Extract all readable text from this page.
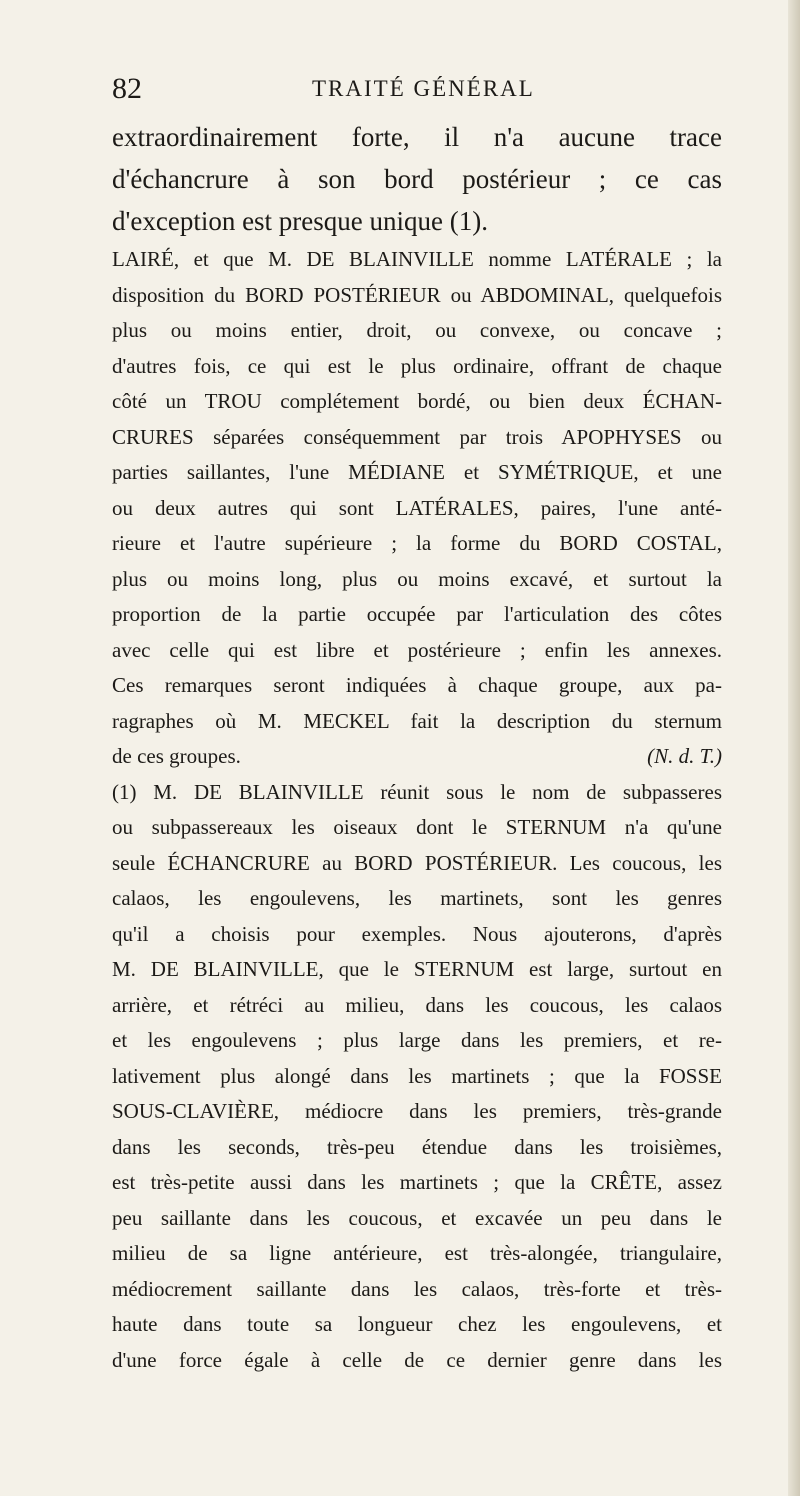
82	TRAITÉ GÉNÉRAL
extraordinairement forte, il n'a aucune trace
d'échancrure à son bord postérieur ; ce cas
d'exception est presque unique (1).
LAIRÉ, et que M. DE BLAINVILLE nomme LATÉRALE ; la
disposition du BORD POSTÉRIEUR ou ABDOMINAL, quelquefois
plus ou moins entier, droit, ou convexe, ou concave ;
d'autres fois, ce qui est le plus ordinaire, offrant de chaque
côté un TROU complétement bordé, ou bien deux ÉCHAN-
CRURES séparées conséquemment par trois APOPHYSES ou
parties saillantes, l'une MÉDIANE et SYMÉTRIQUE, et une
ou deux autres qui sont LATÉRALES, paires, l'une anté-
rieure et l'autre supérieure ; la forme du BORD COSTAL,
plus ou moins long, plus ou moins excavé, et surtout la
proportion de la partie occupée par l'articulation des côtes
avec celle qui est libre et postérieure ; enfin les annexes.
Ces remarques seront indiquées à chaque groupe, aux pa-
ragraphes où M. MECKEL fait la description du sternum
de ces groupes.	(N. d. T.)
(1) M. DE BLAINVILLE réunit sous le nom de subpasseres
ou subpassereaux les oiseaux dont le STERNUM n'a qu'une
seule ÉCHANCRURE au BORD POSTÉRIEUR. Les coucous, les
calaos, les engoulevens, les martinets, sont les genres
qu'il a choisis pour exemples. Nous ajouterons, d'après
M. DE BLAINVILLE, que le STERNUM est large, surtout en
arrière, et rétréci au milieu, dans les coucous, les calaos
et les engoulevens ; plus large dans les premiers, et re-
lativement plus alongé dans les martinets ; que la FOSSE
SOUS-CLAVIÈRE, médiocre dans les premiers, très-grande
dans les seconds, très-peu étendue dans les troisièmes,
est très-petite aussi dans les martinets ; que la CRÊTE, assez
peu saillante dans les coucous, et excavée un peu dans le
milieu de sa ligne antérieure, est très-alongée, triangulaire,
médiocrement saillante dans les calaos, très-forte et très-
haute dans toute sa longueur chez les engoulevens, et
d'une force égale à celle de ce dernier genre dans les
